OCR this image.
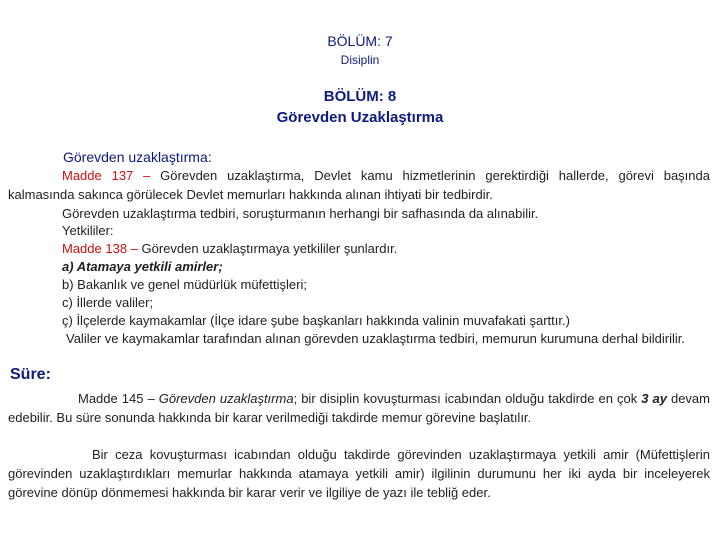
BÖLÜM: 7
Disiplin
BÖLÜM: 8
Görevden Uzaklaştırma
Görevden uzaklaştırma:
Madde 137 – Görevden uzaklaştırma, Devlet kamu hizmetlerinin gerektirdiği hallerde, görevi başında kalmasında sakınca görülecek Devlet memurları hakkında alınan ihtiyati bir tedbirdir.
Görevden uzaklaştırma tedbiri, soruşturmanın herhangi bir safhasında da alınabilir.
Yetkililer:
Madde 138 – Görevden uzaklaştırmaya yetkililer şunlardır.
a) Atamaya yetkili amirler;
b) Bakanlık ve genel müdürlük müfettişleri;
c) İllerde valiler;
ç) İlçelerde kaymakamlar (İlçe idare şube başkanları hakkında valinin muvafakati şarttır.)
Valiler ve kaymakamlar tarafından alınan görevden uzaklaştırma tedbiri, memurun kurumuna derhal bildirilir.
Süre:
Madde 145 – Görevden uzaklaştırma; bir disiplin kovuşturması icabından olduğu takdirde en çok 3 ay devam edebilir. Bu süre sonunda hakkında bir karar verilmediği takdirde memur görevine başlatılır.
Bir ceza kovuşturması icabından olduğu takdirde görevinden uzaklaştırmaya yetkili amir (Müfettişlerin görevinden uzaklaştırdıkları memurlar hakkında atamaya yetkili amir) ilgilinin durumunu her iki ayda bir inceleyerek görevine dönüp dönmemesi hakkında bir karar verir ve ilgiliye de yazı ile tebliğ eder.
